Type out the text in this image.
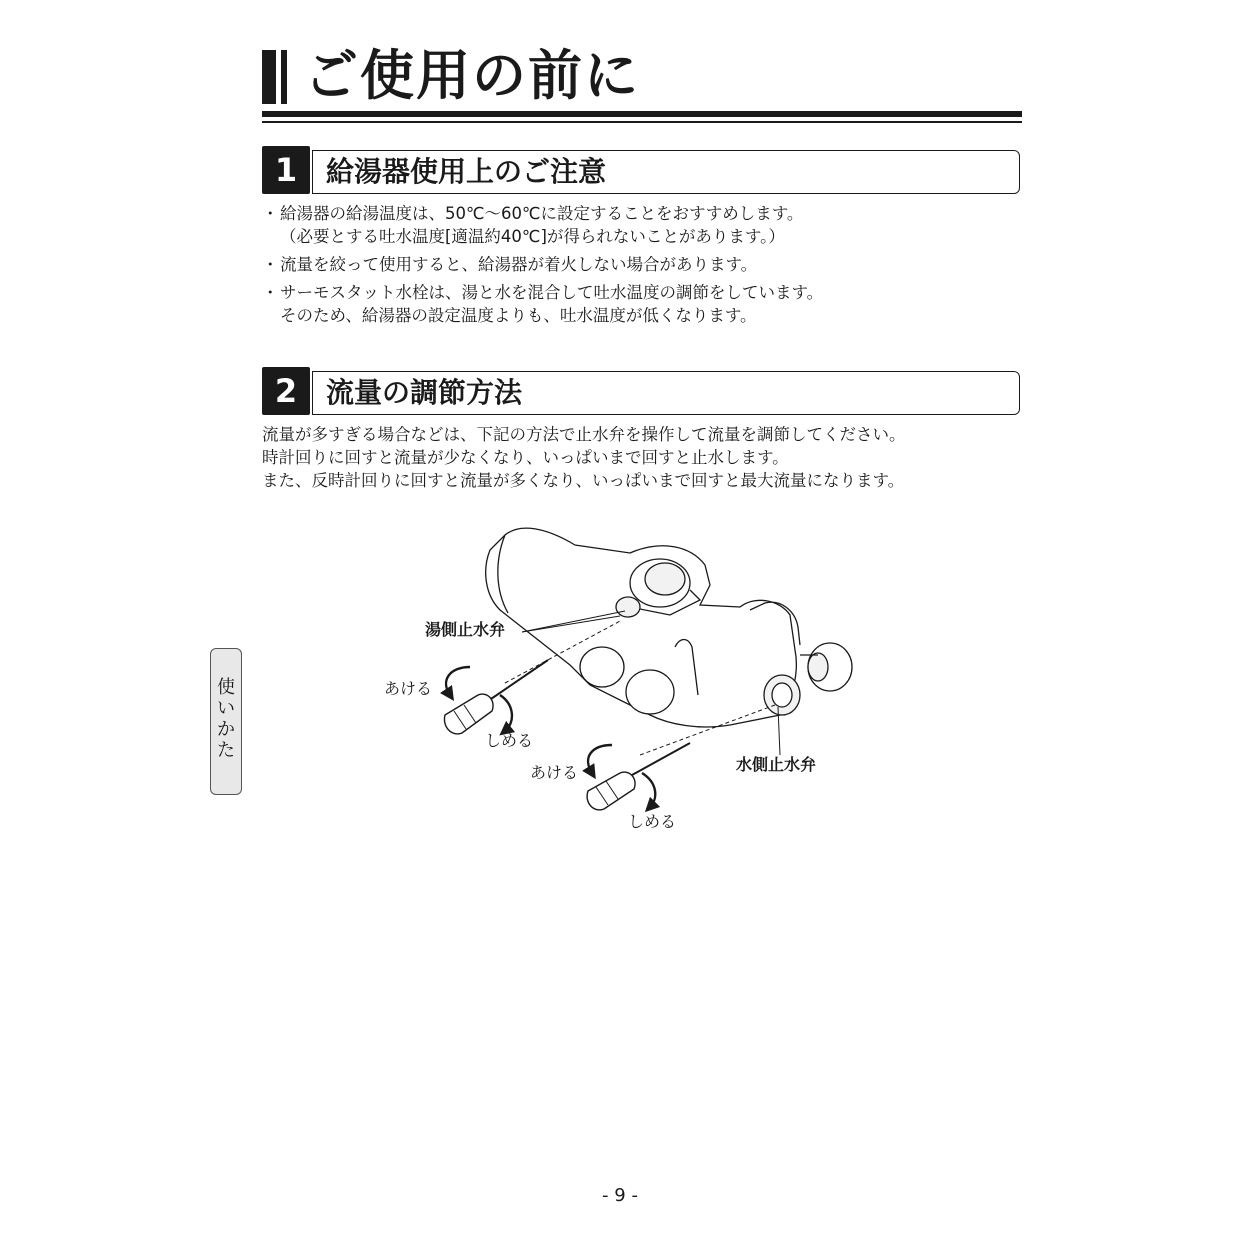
ご使用の前に
1	給湯器使用上のご注意
・ 給湯器の給湯温度は、50℃～60℃に設定することをおすすめします。
（必要とする吐水温度[適温約40℃]が得られないことがあります。）
・ 流量を絞って使用すると、給湯器が着火しない場合があります。
・ サーモスタット水栓は、湯と水を混合して吐水温度の調節をしています。
そのため、給湯器の設定温度よりも、吐水温度が低くなります。
2	流量の調節方法
流量が多すぎる場合などは、下記の方法で止水弁を操作して流量を調節してください。
時計回りに回すと流量が少なくなり、いっぱいまで回すと止水します。
また、反時計回りに回すと流量が多くなり、いっぱいまで回すと最大流量になります。
湯側止水弁
水側止水弁
あける
しめる
あける
しめる
使
い
か
た
- 9 -
